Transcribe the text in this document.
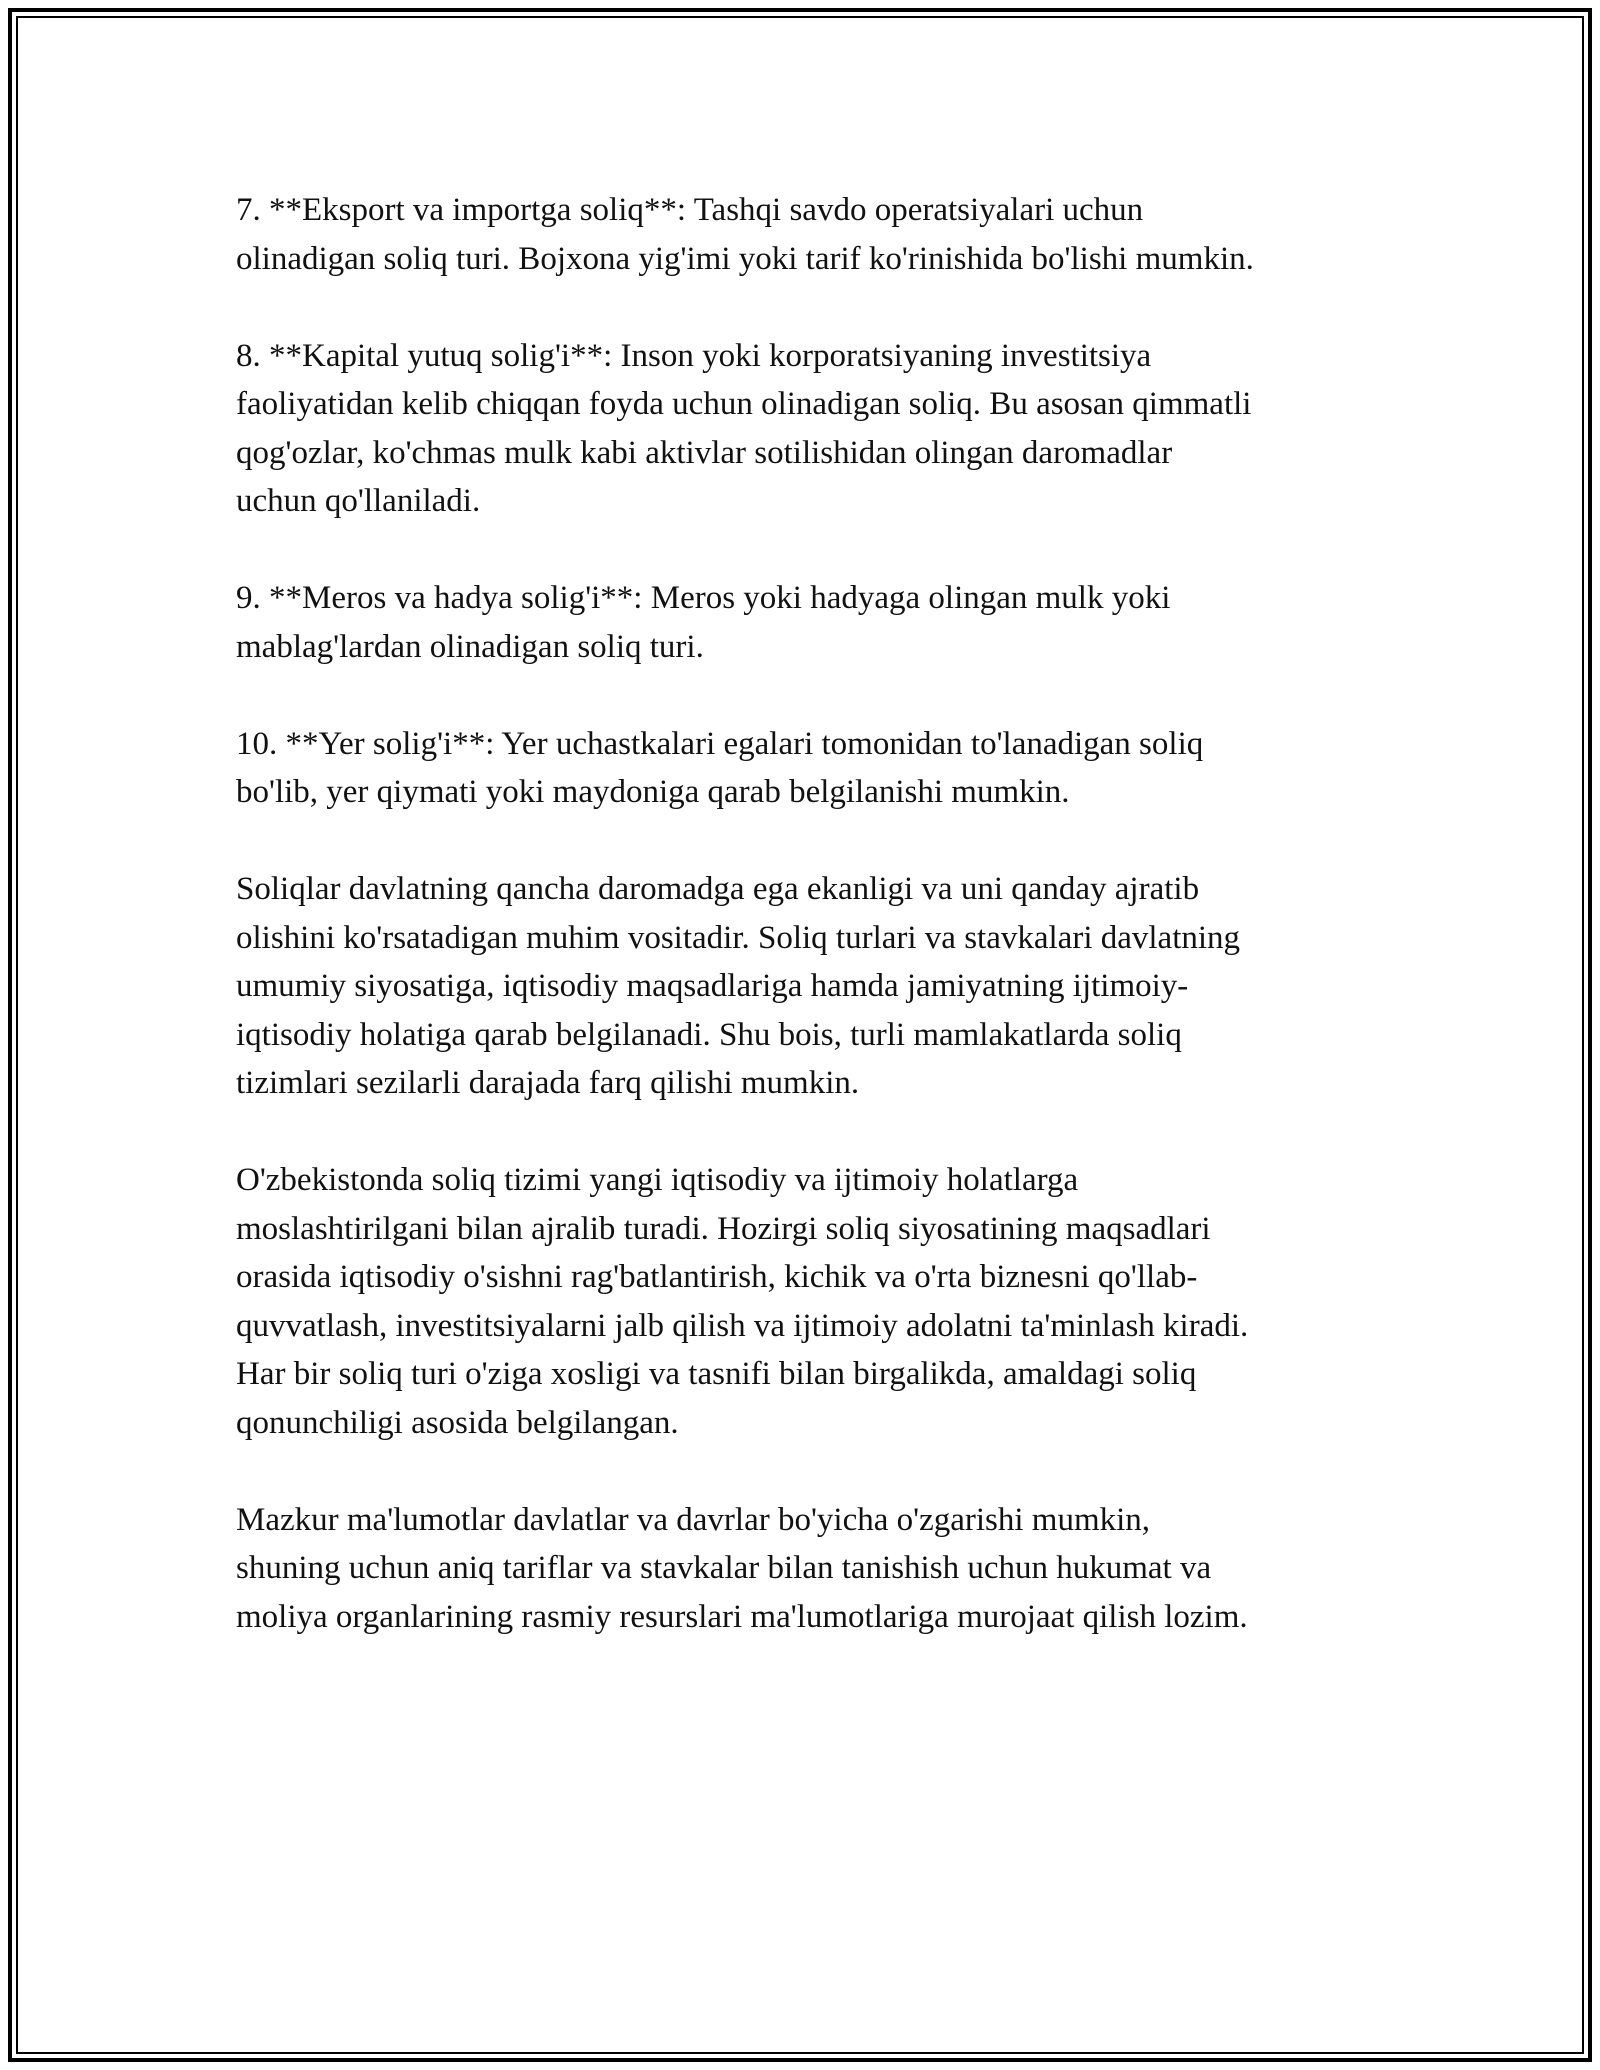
7. **Eksport va importga soliq**: Tashqi savdo operatsiyalari uchun
olinadigan soliq turi. Bojxona yig'imi yoki tarif ko'rinishida bo'lishi mumkin.

8. **Kapital yutuq solig'i**: Inson yoki korporatsiyaning investitsiya
faoliyatidan kelib chiqqan foyda uchun olinadigan soliq. Bu asosan qimmatli
qog'ozlar, ko'chmas mulk kabi aktivlar sotilishidan olingan daromadlar
uchun qo'llaniladi.

9. **Meros va hadya solig'i**: Meros yoki hadyaga olingan mulk yoki
mablag'lardan olinadigan soliq turi.

10. **Yer solig'i**: Yer uchastkalari egalari tomonidan to'lanadigan soliq
bo'lib, yer qiymati yoki maydoniga qarab belgilanishi mumkin.

Soliqlar davlatning qancha daromadga ega ekanligi va uni qanday ajratib
olishini ko'rsatadigan muhim vositadir. Soliq turlari va stavkalari davlatning
umumiy siyosatiga, iqtisodiy maqsadlariga hamda jamiyatning ijtimoiy-
iqtisodiy holatiga qarab belgilanadi. Shu bois, turli mamlakatlarda soliq
tizimlari sezilarli darajada farq qilishi mumkin.

O'zbekistonda soliq tizimi yangi iqtisodiy va ijtimoiy holatlarga
moslashtirilgani bilan ajralib turadi. Hozirgi soliq siyosatining maqsadlari
orasida iqtisodiy o'sishni rag'batlantirish, kichik va o'rta biznesni qo'llab-
quvvatlash, investitsiyalarni jalb qilish va ijtimoiy adolatni ta'minlash kiradi.
Har bir soliq turi o'ziga xosligi va tasnifi bilan birgalikda, amaldagi soliq
qonunchiligi asosida belgilangan.

Mazkur ma'lumotlar davlatlar va davrlar bo'yicha o'zgarishi mumkin,
shuning uchun aniq tariflar va stavkalar bilan tanishish uchun hukumat va
moliya organlarining rasmiy resurslari ma'lumotlariga murojaat qilish lozim.
